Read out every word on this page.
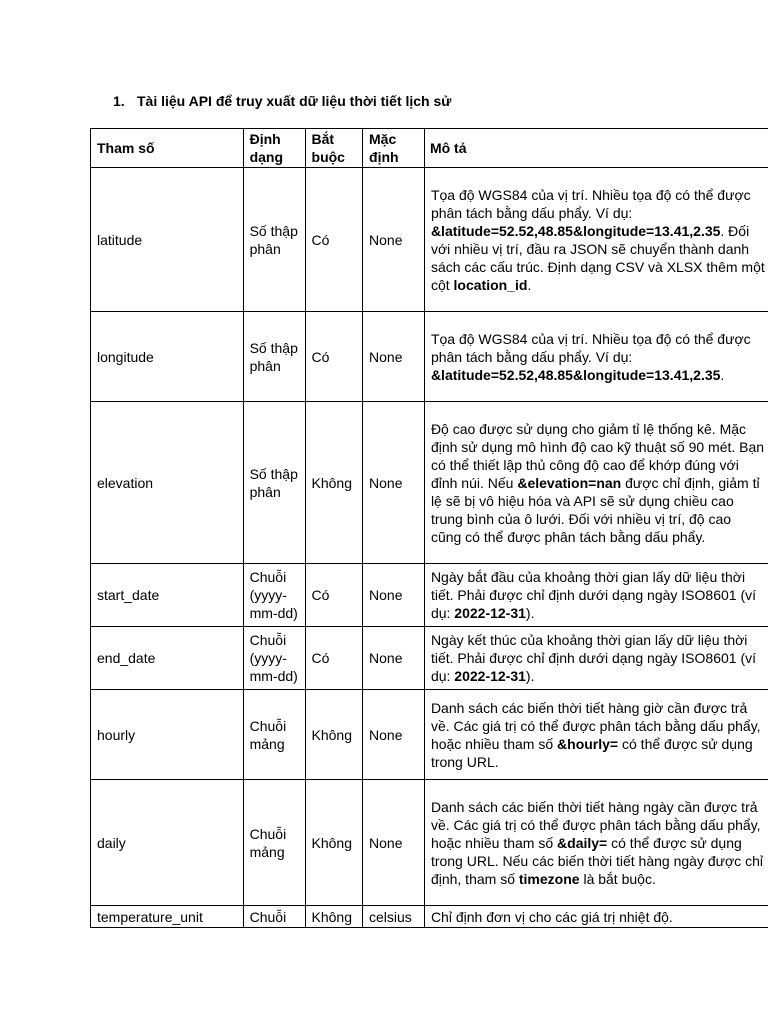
1. Tài liệu API để truy xuất dữ liệu thời tiết lịch sử
Tham số	Định dạng	Bắt buộc	Mặc định	Mô tả
latitude	Số thập phân	Có	None	Tọa độ WGS84 của vị trí. Nhiều tọa độ có thể được phân tách bằng dấu phẩy. Ví dụ: &latitude=52.52,48.85&longitude=13.41,2.35. Đối với nhiều vị trí, đầu ra JSON sẽ chuyển thành danh sách các cấu trúc. Định dạng CSV và XLSX thêm một cột location_id.
longitude	Số thập phân	Có	None	Tọa độ WGS84 của vị trí. Nhiều tọa độ có thể được phân tách bằng dấu phẩy. Ví dụ: &latitude=52.52,48.85&longitude=13.41,2.35.
elevation	Số thập phân	Không	None	Độ cao được sử dụng cho giảm tỉ lệ thống kê. Mặc định sử dụng mô hình độ cao kỹ thuật số 90 mét. Bạn có thể thiết lập thủ công độ cao để khớp đúng với đỉnh núi. Nếu &elevation=nan được chỉ định, giảm tỉ lệ sẽ bị vô hiệu hóa và API sẽ sử dụng chiều cao trung bình của ô lưới. Đối với nhiều vị trí, độ cao cũng có thể được phân tách bằng dấu phẩy.
start_date	Chuỗi (yyyy-mm-dd)	Có	None	Ngày bắt đầu của khoảng thời gian lấy dữ liệu thời tiết. Phải được chỉ định dưới dạng ngày ISO8601 (ví dụ: 2022-12-31).
end_date	Chuỗi (yyyy-mm-dd)	Có	None	Ngày kết thúc của khoảng thời gian lấy dữ liệu thời tiết. Phải được chỉ định dưới dạng ngày ISO8601 (ví dụ: 2022-12-31).
hourly	Chuỗi mảng	Không	None	Danh sách các biến thời tiết hàng giờ cần được trả về. Các giá trị có thể được phân tách bằng dấu phẩy, hoặc nhiều tham số &hourly= có thể được sử dụng trong URL.
daily	Chuỗi mảng	Không	None	Danh sách các biến thời tiết hàng ngày cần được trả về. Các giá trị có thể được phân tách bằng dấu phẩy, hoặc nhiều tham số &daily= có thể được sử dụng trong URL. Nếu các biến thời tiết hàng ngày được chỉ định, tham số timezone là bắt buộc.
temperature_unit	Chuỗi	Không	celsius	Chỉ định đơn vị cho các giá trị nhiệt độ.
